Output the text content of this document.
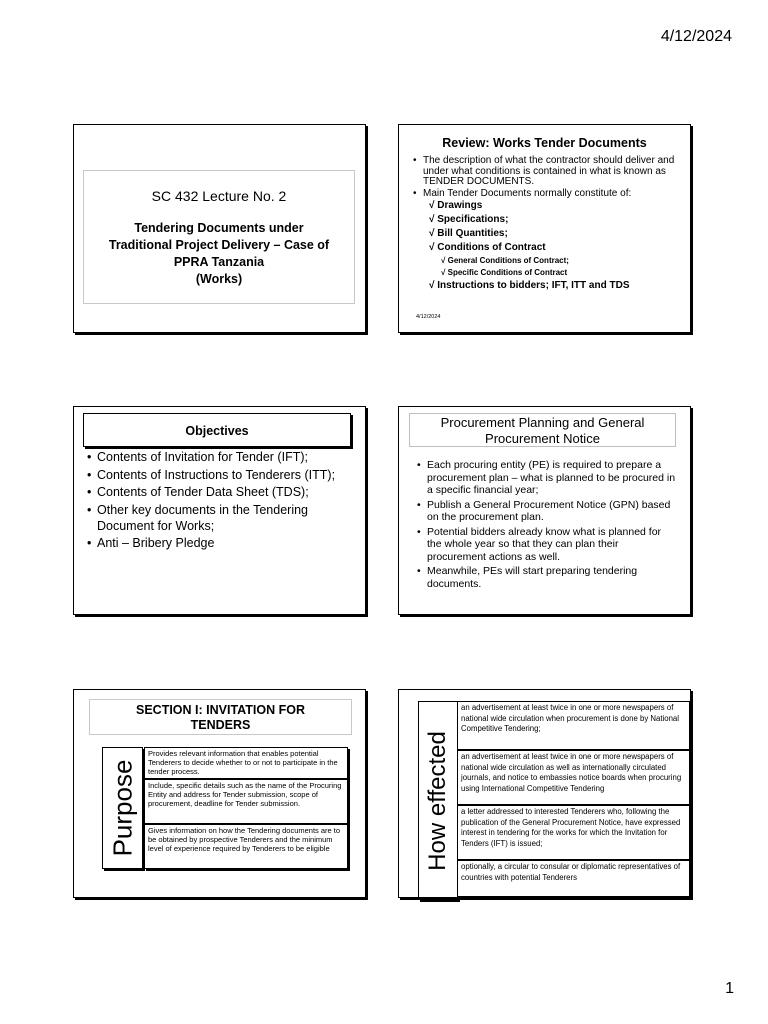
4/12/2024
SC 432 Lecture No. 2
Tendering Documents under
Traditional Project Delivery – Case of
PPRA Tanzania
(Works)
Review: Works Tender Documents
• The description of what the contractor should deliver and under what conditions is contained in what is known as TENDER DOCUMENTS.
• Main Tender Documents normally constitute of:
√ Drawings
√ Specifications;
√ Bill Quantities;
√ Conditions of Contract
√ General Conditions of Contract;
√ Specific Conditions of Contract
√ Instructions to bidders; IFT, ITT and TDS
4/12/2024
Objectives
• Contents of Invitation for Tender (IFT);
• Contents of Instructions to Tenderers (ITT);
• Contents of Tender Data Sheet (TDS);
• Other key documents in the Tendering Document for Works;
• Anti – Bribery Pledge
Procurement Planning and General
Procurement Notice
• Each procuring entity (PE) is required to prepare a procurement plan – what is planned to be procured in a specific financial year;
• Publish a General Procurement Notice (GPN) based on the procurement plan.
• Potential bidders already know what is planned for the whole year so that they can plan their procurement actions as well.
• Meanwhile, PEs will start preparing tendering documents.
SECTION I: INVITATION FOR
TENDERS
Purpose
Provides relevant information that enables potential Tenderers to decide whether to or not to participate in the tender process.
Include, specific details such as the name of the Procuring Entity and address for Tender submission, scope of procurement, deadline for Tender submission.
Gives information on how the Tendering documents are to be obtained by prospective Tenderers and the minimum level of experience required by Tenderers to be eligible	How effected
an advertisement at least twice in one or more newspapers of national wide circulation when procurement is done by National Competitive Tendering;
an advertisement at least twice in one or more newspapers of national wide circulation as well as internationally circulated journals, and notice to embassies notice boards when procuring using International Competitive Tendering
a letter addressed to interested Tenderers who, following the publication of the General Procurement Notice, have expressed interest in tendering for the works for which the Invitation for Tenders (IFT) is issued;
optionally, a circular to consular or diplomatic representatives of countries with potential Tenderers
1
